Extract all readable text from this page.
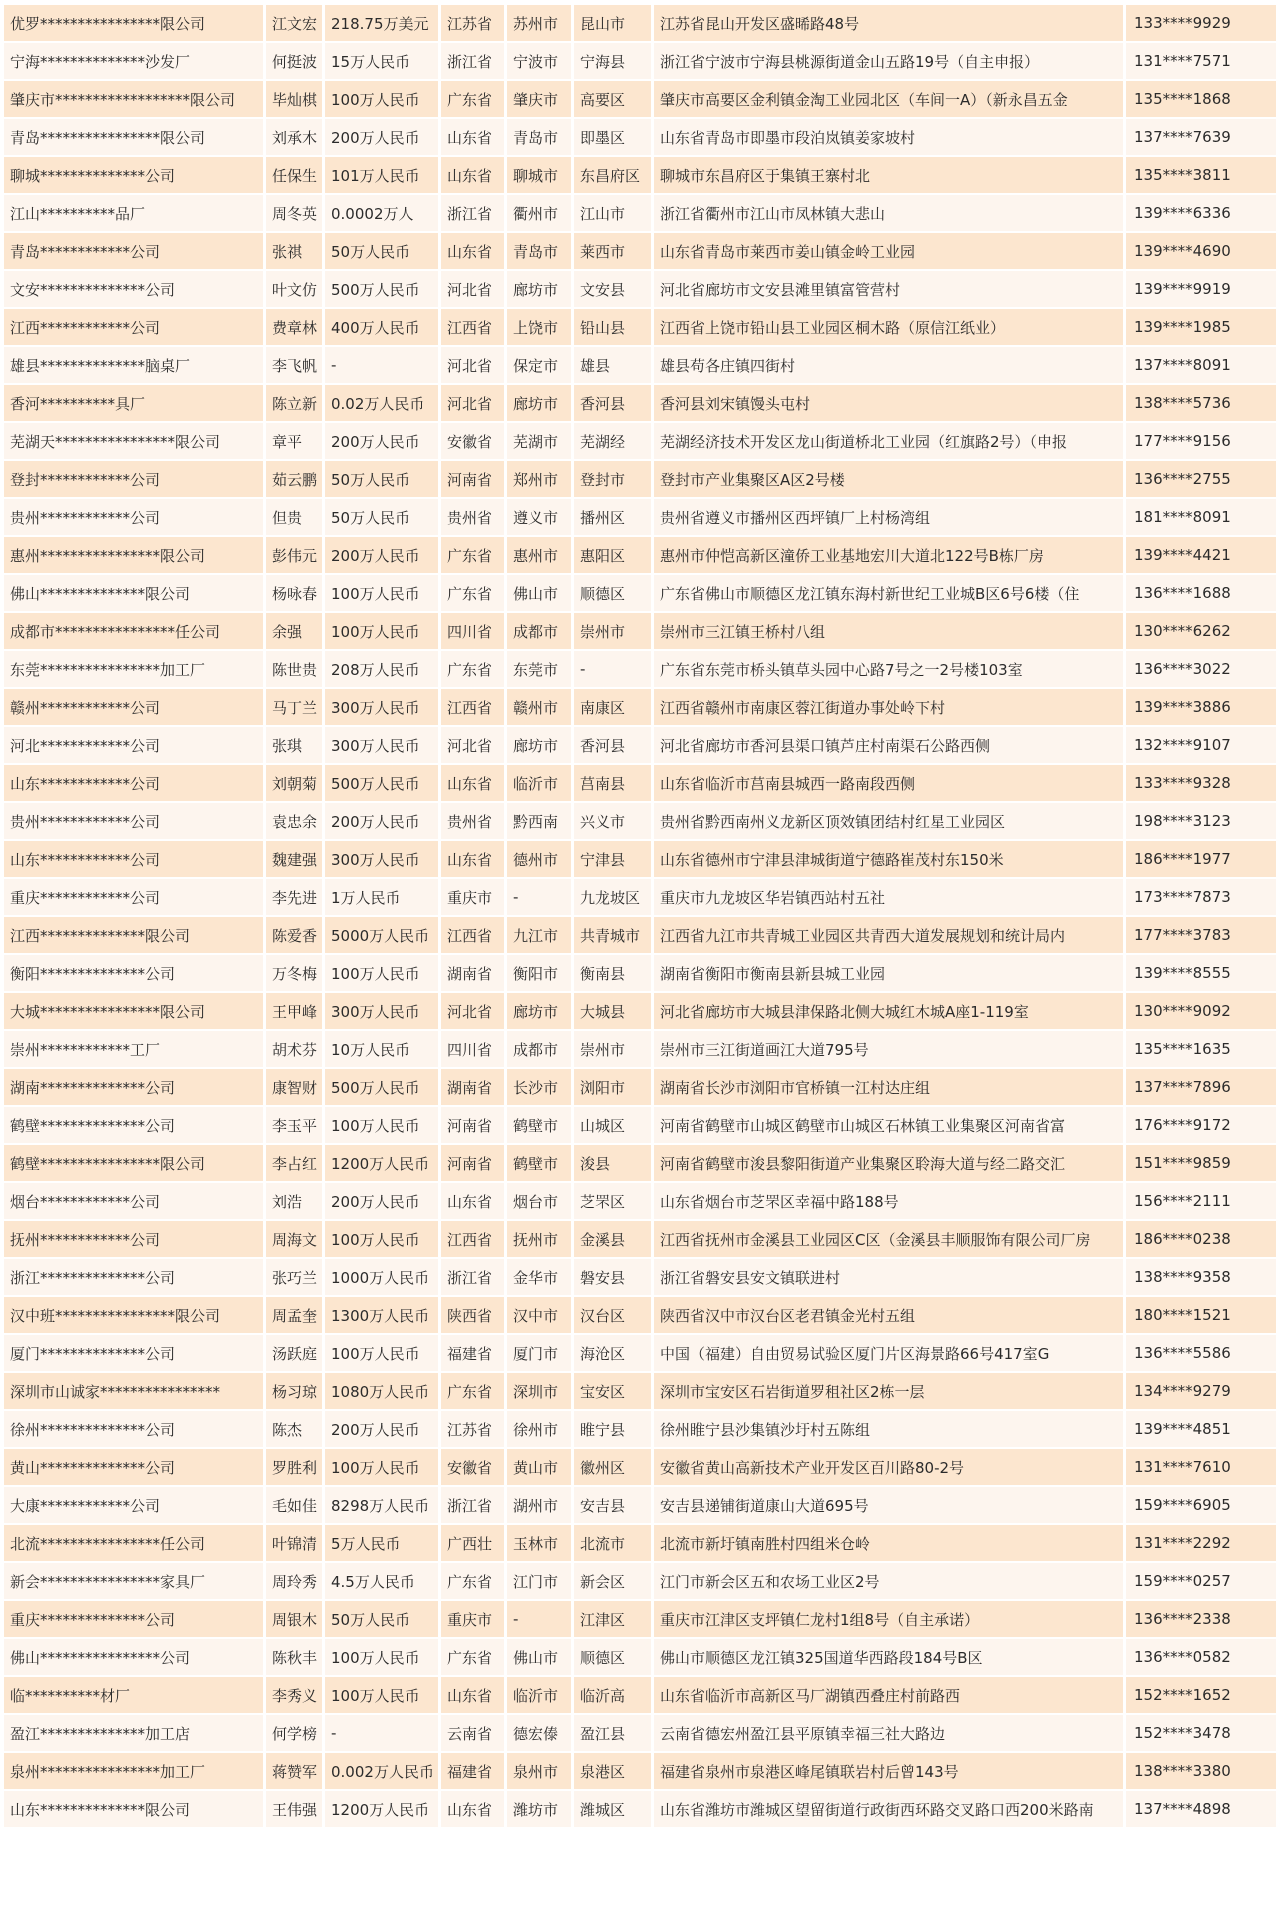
优罗****************限公司	江文宏	218.75万美元	江苏省	苏州市	昆山市	江苏省昆山开发区盛晞路48号	133****9929
宁海**************沙发厂	何挺波	15万人民币	浙江省	宁波市	宁海县	浙江省宁波市宁海县桃源街道金山五路19号（自主申报）	131****7571
肇庆市******************限公司	毕灿棋	100万人民币	广东省	肇庆市	高要区	肇庆市高要区金利镇金淘工业园北区（车间一A）（新永昌五金	135****1868
青岛****************限公司	刘承木	200万人民币	山东省	青岛市	即墨区	山东省青岛市即墨市段泊岚镇姜家坡村	137****7639
聊城**************公司	任保生	101万人民币	山东省	聊城市	东昌府区	聊城市东昌府区于集镇王寨村北	135****3811
江山**********品厂	周冬英	0.0002万人	浙江省	衢州市	江山市	浙江省衢州市江山市凤林镇大悲山	139****6336
青岛************公司	张祺	50万人民币	山东省	青岛市	莱西市	山东省青岛市莱西市姜山镇金岭工业园	139****4690
文安**************公司	叶文仿	500万人民币	河北省	廊坊市	文安县	河北省廊坊市文安县滩里镇富管营村	139****9919
江西************公司	费章林	400万人民币	江西省	上饶市	铅山县	江西省上饶市铅山县工业园区桐木路（原信江纸业）	139****1985
雄县**************脑桌厂	李飞帆	-	河北省	保定市	雄县	雄县苟各庄镇四街村	137****8091
香河**********具厂	陈立新	0.02万人民币	河北省	廊坊市	香河县	香河县刘宋镇馒头屯村	138****5736
芜湖天****************限公司	章平	200万人民币	安徽省	芜湖市	芜湖经	芜湖经济技术开发区龙山街道桥北工业园（红旗路2号）（申报	177****9156
登封************公司	茹云鹏	50万人民币	河南省	郑州市	登封市	登封市产业集聚区A区2号楼	136****2755
贵州************公司	但贵	50万人民币	贵州省	遵义市	播州区	贵州省遵义市播州区西坪镇厂上村杨湾组	181****8091
惠州****************限公司	彭伟元	200万人民币	广东省	惠州市	惠阳区	惠州市仲恺高新区潼侨工业基地宏川大道北122号B栋厂房	139****4421
佛山**************限公司	杨咏春	100万人民币	广东省	佛山市	顺德区	广东省佛山市顺德区龙江镇东海村新世纪工业城B区6号6楼（住	136****1688
成都市****************任公司	余强	100万人民币	四川省	成都市	崇州市	崇州市三江镇王桥村八组	130****6262
东莞****************加工厂	陈世贵	208万人民币	广东省	东莞市	-	广东省东莞市桥头镇草头园中心路7号之一2号楼103室	136****3022
赣州************公司	马丁兰	300万人民币	江西省	赣州市	南康区	江西省赣州市南康区蓉江街道办事处岭下村	139****3886
河北************公司	张琪	300万人民币	河北省	廊坊市	香河县	河北省廊坊市香河县渠口镇芦庄村南渠石公路西侧	132****9107
山东************公司	刘朝菊	500万人民币	山东省	临沂市	莒南县	山东省临沂市莒南县城西一路南段西侧	133****9328
贵州************公司	袁忠余	200万人民币	贵州省	黔西南	兴义市	贵州省黔西南州义龙新区顶效镇团结村红星工业园区	198****3123
山东************公司	魏建强	300万人民币	山东省	德州市	宁津县	山东省德州市宁津县津城街道宁德路崔茂村东150米	186****1977
重庆************公司	李先进	1万人民币	重庆市	-	九龙坡区	重庆市九龙坡区华岩镇西站村五社	173****7873
江西**************限公司	陈爱香	5000万人民币	江西省	九江市	共青城市	江西省九江市共青城工业园区共青西大道发展规划和统计局内	177****3783
衡阳**************公司	万冬梅	100万人民币	湖南省	衡阳市	衡南县	湖南省衡阳市衡南县新县城工业园	139****8555
大城****************限公司	王甲峰	300万人民币	河北省	廊坊市	大城县	河北省廊坊市大城县津保路北侧大城红木城A座1-119室	130****9092
崇州************工厂	胡术芬	10万人民币	四川省	成都市	崇州市	崇州市三江街道画江大道795号	135****1635
湖南**************公司	康智财	500万人民币	湖南省	长沙市	浏阳市	湖南省长沙市浏阳市官桥镇一江村达庄组	137****7896
鹤壁**************公司	李玉平	100万人民币	河南省	鹤壁市	山城区	河南省鹤壁市山城区鹤壁市山城区石林镇工业集聚区河南省富	176****9172
鹤壁****************限公司	李占红	1200万人民币	河南省	鹤壁市	浚县	河南省鹤壁市浚县黎阳街道产业集聚区聆海大道与经二路交汇	151****9859
烟台************公司	刘浩	200万人民币	山东省	烟台市	芝罘区	山东省烟台市芝罘区幸福中路188号	156****2111
抚州************公司	周海文	100万人民币	江西省	抚州市	金溪县	江西省抚州市金溪县工业园区C区（金溪县丰顺服饰有限公司厂房	186****0238
浙江**************公司	张巧兰	1000万人民币	浙江省	金华市	磐安县	浙江省磐安县安文镇联进村	138****9358
汉中班****************限公司	周孟奎	1300万人民币	陕西省	汉中市	汉台区	陕西省汉中市汉台区老君镇金光村五组	180****1521
厦门**************公司	汤跃庭	100万人民币	福建省	厦门市	海沧区	中国（福建）自由贸易试验区厦门片区海景路66号417室G	136****5586
深圳市山诚家****************	杨习琼	1080万人民币	广东省	深圳市	宝安区	深圳市宝安区石岩街道罗租社区2栋一层	134****9279
徐州**************公司	陈杰	200万人民币	江苏省	徐州市	睢宁县	徐州睢宁县沙集镇沙圩村五陈组	139****4851
黄山**************公司	罗胜利	100万人民币	安徽省	黄山市	徽州区	安徽省黄山高新技术产业开发区百川路80-2号	131****7610
大康************公司	毛如佳	8298万人民币	浙江省	湖州市	安吉县	安吉县递铺街道康山大道695号	159****6905
北流****************任公司	叶锦清	5万人民币	广西壮	玉林市	北流市	北流市新圩镇南胜村四组米仓岭	131****2292
新会****************家具厂	周玲秀	4.5万人民币	广东省	江门市	新会区	江门市新会区五和农场工业区2号	159****0257
重庆**************公司	周银木	50万人民币	重庆市	-	江津区	重庆市江津区支坪镇仁龙村1组8号（自主承诺）	136****2338
佛山****************公司	陈秋丰	100万人民币	广东省	佛山市	顺德区	佛山市顺德区龙江镇325国道华西路段184号B区	136****0582
临**********材厂	李秀义	100万人民币	山东省	临沂市	临沂高	山东省临沂市高新区马厂湖镇西叠庄村前路西	152****1652
盈江**************加工店	何学榜	-	云南省	德宏傣	盈江县	云南省德宏州盈江县平原镇幸福三社大路边	152****3478
泉州****************加工厂	蒋赞军	0.002万人民币	福建省	泉州市	泉港区	福建省泉州市泉港区峰尾镇联岩村后曾143号	138****3380
山东**************限公司	王伟强	1200万人民币	山东省	潍坊市	潍城区	山东省潍坊市潍城区望留街道行政街西环路交叉路口西200米路南	137****4898
